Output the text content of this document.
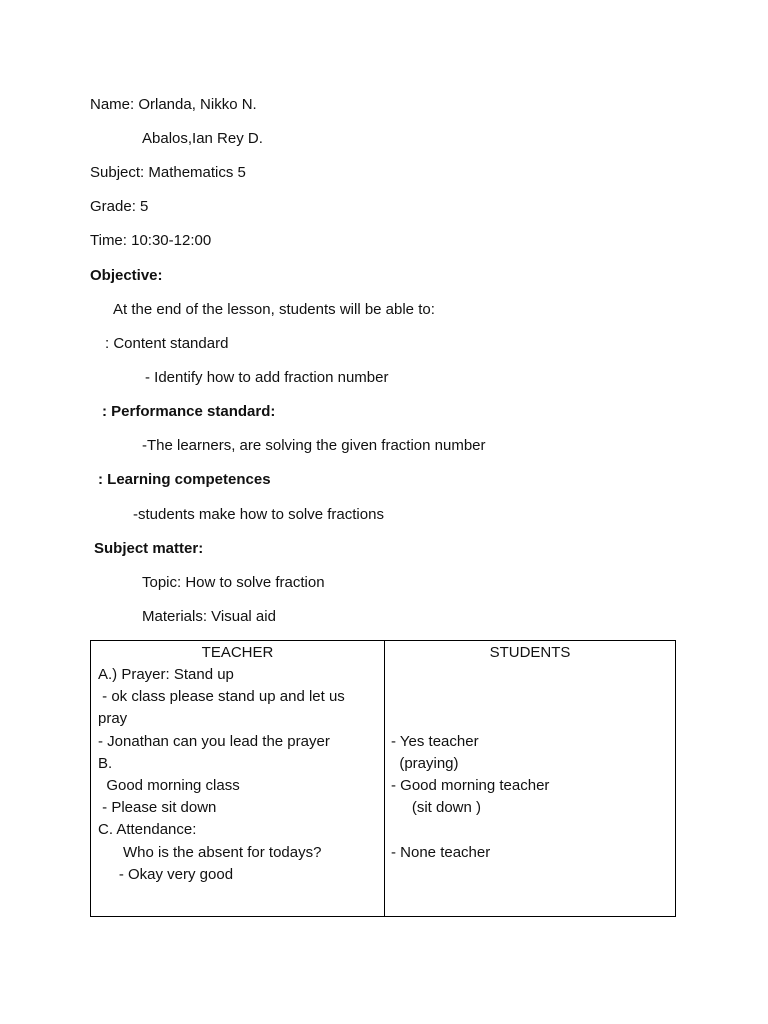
Name: Orlanda, Nikko N.
Abalos,Ian Rey D.
Subject: Mathematics 5
Grade: 5
Time: 10:30-12:00
Objective:
At the end of the lesson, students will be able to:
: Content standard
- Identify how to add fraction number
: Performance standard:
-The learners, are solving the given fraction number
: Learning competences
-students make how to solve fractions
Subject matter:
Topic: How to solve fraction
Materials: Visual aid
TEACHER
A.) Prayer: Stand up
- ok class please stand up and let us
pray
- Jonathan can you lead the prayer
B.
Good morning class
- Please sit down
C. Attendance:
Who is the absent for todays?
- Okay very good
STUDENTS
- Yes teacher
(praying)
- Good morning teacher
(sit down )
- None teacher
